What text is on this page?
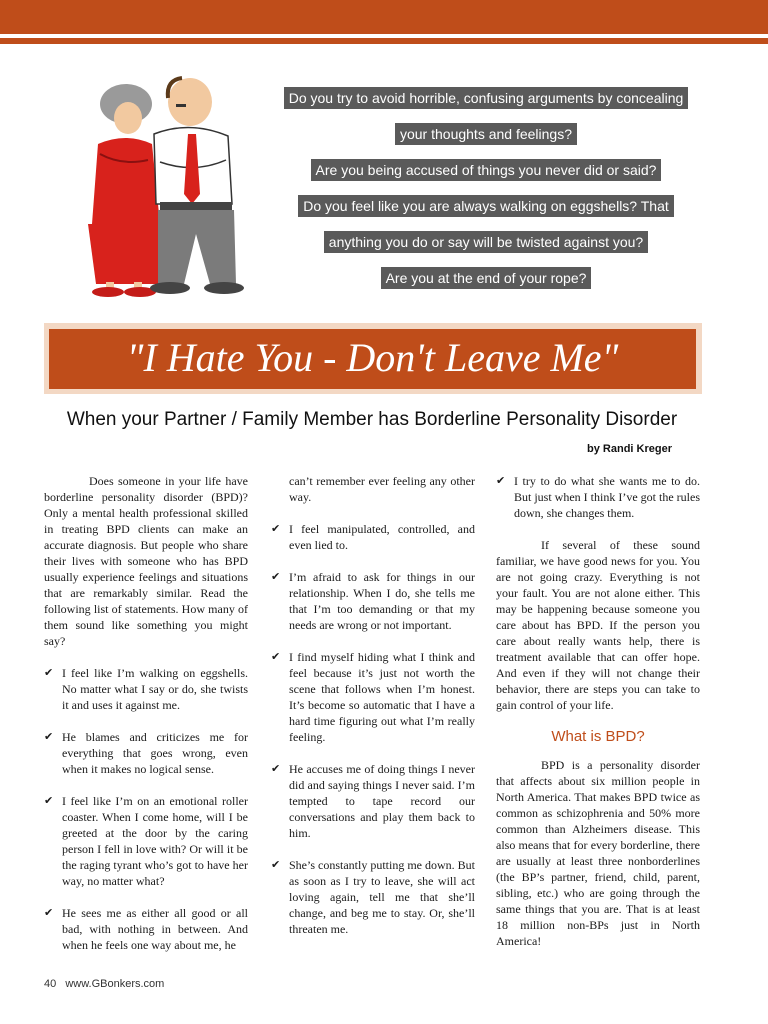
Do you try to avoid horrible, confusing arguments by concealing
your thoughts and feelings?
Are you being accused of things you never did or said?
Do you feel like you are always walking on eggshells? That
anything you do or say will be twisted against you?
Are you at the end of your rope?
"I Hate You - Don't Leave Me"
When your Partner / Family Member has Borderline Personality Disorder
by Randi Kreger

Does someone in your life have borderline personality disorder (BPD)? Only a mental health professional skilled in treating BPD clients can make an accurate diagnosis. But people who share their lives with someone who has BPD usually experience feelings and situations that are remarkably similar. Read the following list of statements. How many of them sound like something you might say?

✔ I feel like I’m walking on eggshells. No matter what I say or do, she twists it and uses it against me.
✔ He blames and criticizes me for everything that goes wrong, even when it makes no logical sense.
✔ I feel like I’m on an emotional roller coaster. When I come home, will I be greeted at the door by the caring person I fell in love with? Or will it be the raging tyrant who’s got to have her way, no matter what?
✔ He sees me as either all good or all bad, with nothing in between. And when he feels one way about me, he
can’t remember ever feeling any other way.
✔ I feel manipulated, controlled, and even lied to.
✔ I’m afraid to ask for things in our relationship. When I do, she tells me that I’m too demanding or that my needs are wrong or not important.
✔ I find myself hiding what I think and feel because it’s just not worth the scene that follows when I’m honest. It’s become so automatic that I have a hard time figuring out what I’m really feeling.
✔ He accuses me of doing things I never did and saying things I never said. I’m tempted to tape record our conversations and play them back to him.
✔ She’s constantly putting me down. But as soon as I try to leave, she will act loving again, tell me that she’ll change, and beg me to stay. Or, she’ll threaten me.
✔ I try to do what she wants me to do. But just when I think I’ve got the rules down, she changes them.

If several of these sound familiar, we have good news for you. You are not going crazy. Everything is not your fault. You are not alone either. This may be happening because someone you care about has BPD. If the person you care about really wants help, there is treatment available that can offer hope. And even if they will not change their behavior, there are steps you can take to gain control of your life.

What is BPD?

BPD is a personality disorder that affects about six million people in North America. That makes BPD twice as common as schizophrenia and 50% more common than Alzheimers disease. This also means that for every borderline, there are usually at least three nonborderlines (the BP’s partner, friend, child, parent, sibling, etc.) who are going through the same things that you are. That is at least 18 million non-BPs just in North America!

40 www.GBonkers.com
